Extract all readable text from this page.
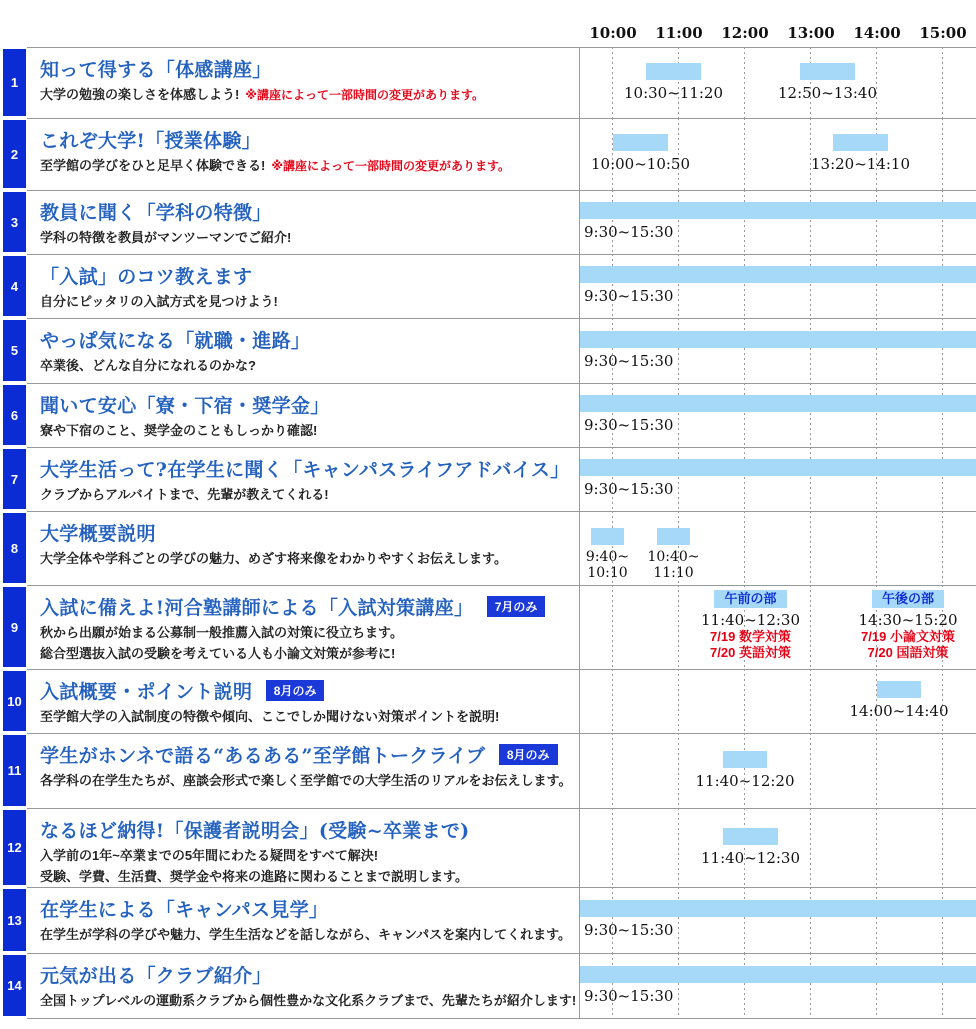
10:00 11:00 12:00 13:00 14:00 15:00
1
知って得する「体感講座」
大学の勉強の楽しさを体感しよう! ※講座によって一部時間の変更があります。	10:30~11:20	12:50~13:40
2
これぞ大学!「授業体験」
至学館の学びをひと足早く体験できる! ※講座によって一部時間の変更があります。	10:00~10:50	13:20~14:10
3 教員に聞く「学科の特徴」
学科の特徴を教員がマンツーマンでご紹介!	9:30~15:30
4 「入試」のコツ教えます
自分にピッタリの入試方式を見つけよう!	9:30~15:30
5 やっぱ気になる「就職・進路」
卒業後、どんな自分になれるのかな?	9:30~15:30
6 聞いて安心「寮・下宿・奨学金」
寮や下宿のこと、奨学金のこともしっかり確認!	9:30~15:30
7 大学生活って?在学生に聞く「キャンパスライフアドバイス」
クラブからアルバイトまで、先輩が教えてくれる!	9:30~15:30
8
大学概要説明
大学全体や学科ごとの学びの魅力、めざす将来像をわかりやすくお伝えします。	9:40~
10:10
10:40~
11:10
9
入試に備えよ!河合塾講師による「入試対策講座」 7月のみ
秋から出願が始まる公募制一般推薦入試の対策に役立ちます。
総合型選抜入試の受験を考えている人も小論文対策が参考に!
午前の部
11:40~12:30
7/19 数学対策
7/20 英語対策
午後の部
14:30~15:20
7/19 小論文対策
7/20 国語対策
10 入試概要・ポイント説明 8月のみ
至学館大学の入試制度の特徴や傾向、ここでしか聞けない対策ポイントを説明!	14:00~14:40
11
学生がホンネで語る“あるある”至学館トークライブ 8月のみ
各学科の在学生たちが、座談会形式で楽しく至学館での大学生活のリアルをお伝えします。	11:40~12:20
12
なるほど納得!「保護者説明会」(受験~卒業まで)
入学前の1年~卒業までの5年間にわたる疑問をすべて解決!
受験、学費、生活費、奨学金や将来の進路に関わることまで説明します。
11:40~12:30
13 在学生による「キャンパス見学」
在学生が学科の学びや魅力、学生生活などを話しながら、キャンパスを案内してくれます。 9:30~15:30
14 元気が出る「クラブ紹介」
全国トップレベルの運動系クラブから個性豊かな文化系クラブまで、先輩たちが紹介します! 9:30~15:30
